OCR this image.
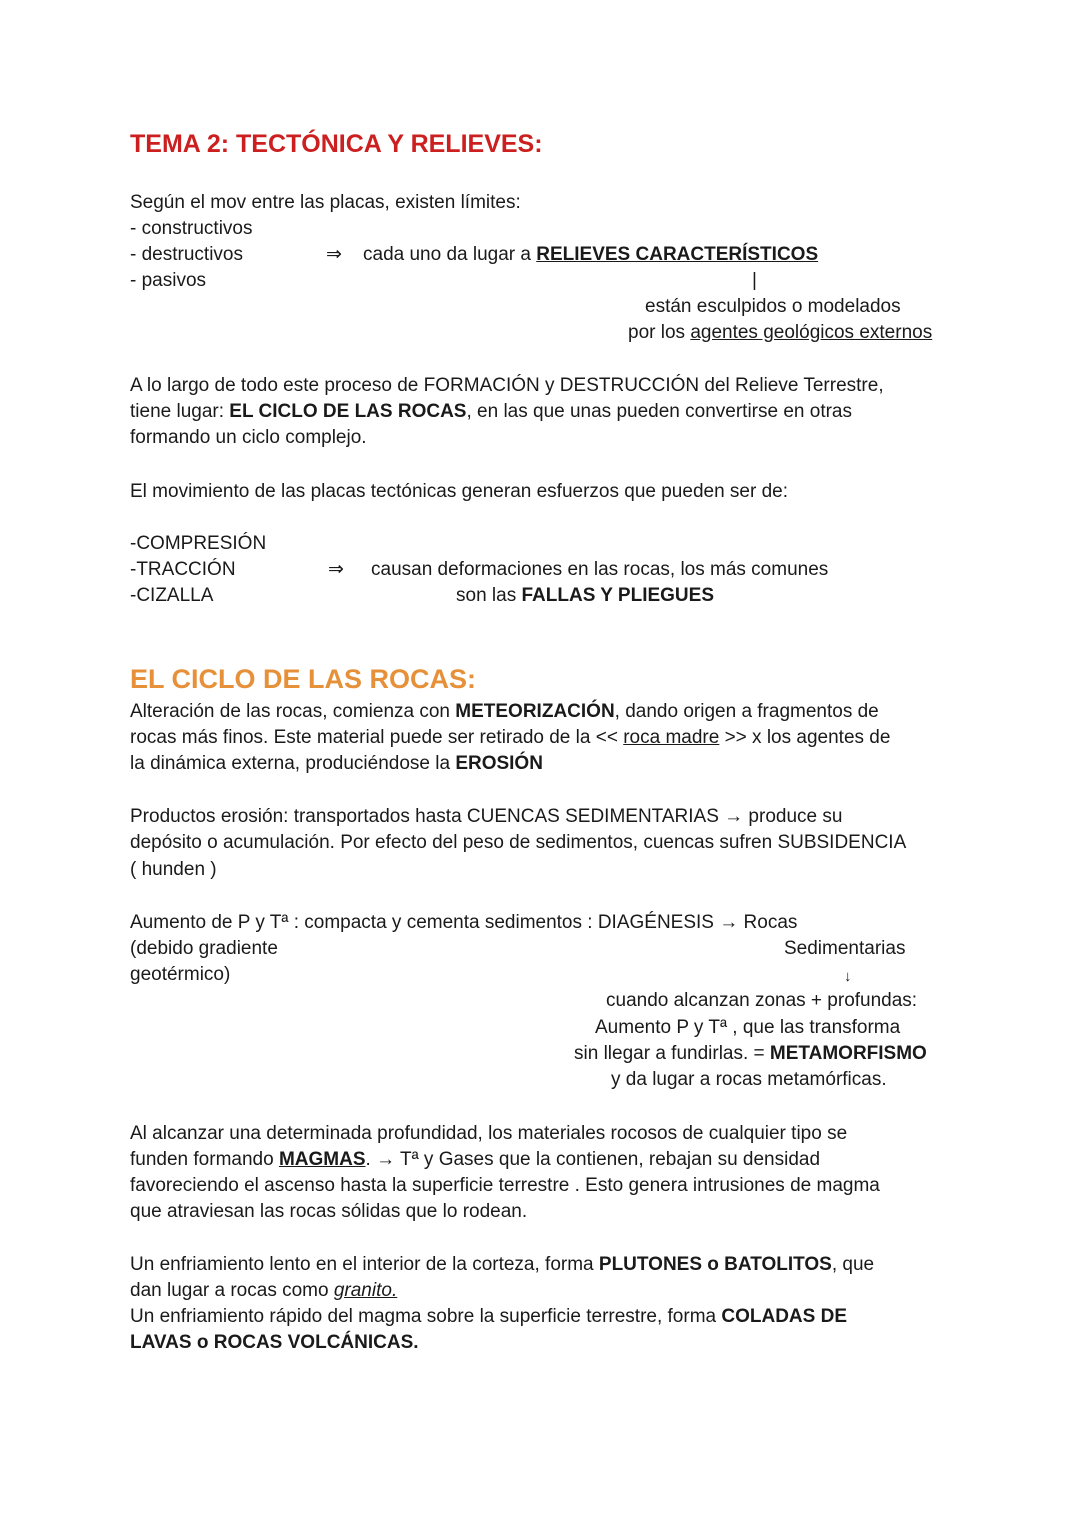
TEMA 2: TECTÓNICA Y RELIEVES:
Según el mov entre las placas, existen límites:
- constructivos
- destructivos
- pasivos
⇒ cada uno da lugar a RELIEVES CARACTERÍSTICOS
|
están esculpidos o modelados
por los agentes geológicos externos
A lo largo de todo este proceso de FORMACIÓN y DESTRUCCIÓN del Relieve Terrestre,
tiene lugar: EL CICLO DE LAS ROCAS, en las que unas pueden convertirse en otras
formando un ciclo complejo.
El movimiento de las placas tectónicas generan esfuerzos que pueden ser de:
-COMPRESIÓN
-TRACCIÓN
-CIZALLA
⇒ causan deformaciones en las rocas, los más comunes
son las FALLAS Y PLIEGUES
EL CICLO DE LAS ROCAS:
Alteración de las rocas, comienza con METEORIZACIÓN, dando origen a fragmentos de
rocas más finos. Este material puede ser retirado de la << roca madre >> x los agentes de
la dinámica externa, produciéndose la EROSIÓN
Productos erosión: transportados hasta CUENCAS SEDIMENTARIAS → produce su
depósito o acumulación. Por efecto del peso de sedimentos, cuencas sufren SUBSIDENCIA
( hunden )
Aumento de P y Tª : compacta y cementa sedimentos : DIAGÉNESIS → Rocas
(debido gradiente	Sedimentarias
geotérmico)	↓
cuando alcanzan zonas + profundas:
Aumento P y Tª , que las transforma
sin llegar a fundirlas. = METAMORFISMO
y da lugar a rocas metamórficas.
Al alcanzar una determinada profundidad, los materiales rocosos de cualquier tipo se
funden formando MAGMAS. → Tª y Gases que la contienen, rebajan su densidad
favoreciendo el ascenso hasta la superficie terrestre . Esto genera intrusiones de magma
que atraviesan las rocas sólidas que lo rodean.
Un enfriamiento lento en el interior de la corteza, forma PLUTONES o BATOLITOS, que
dan lugar a rocas como granito.
Un enfriamiento rápido del magma sobre la superficie terrestre, forma COLADAS DE
LAVAS o ROCAS VOLCÁNICAS.
